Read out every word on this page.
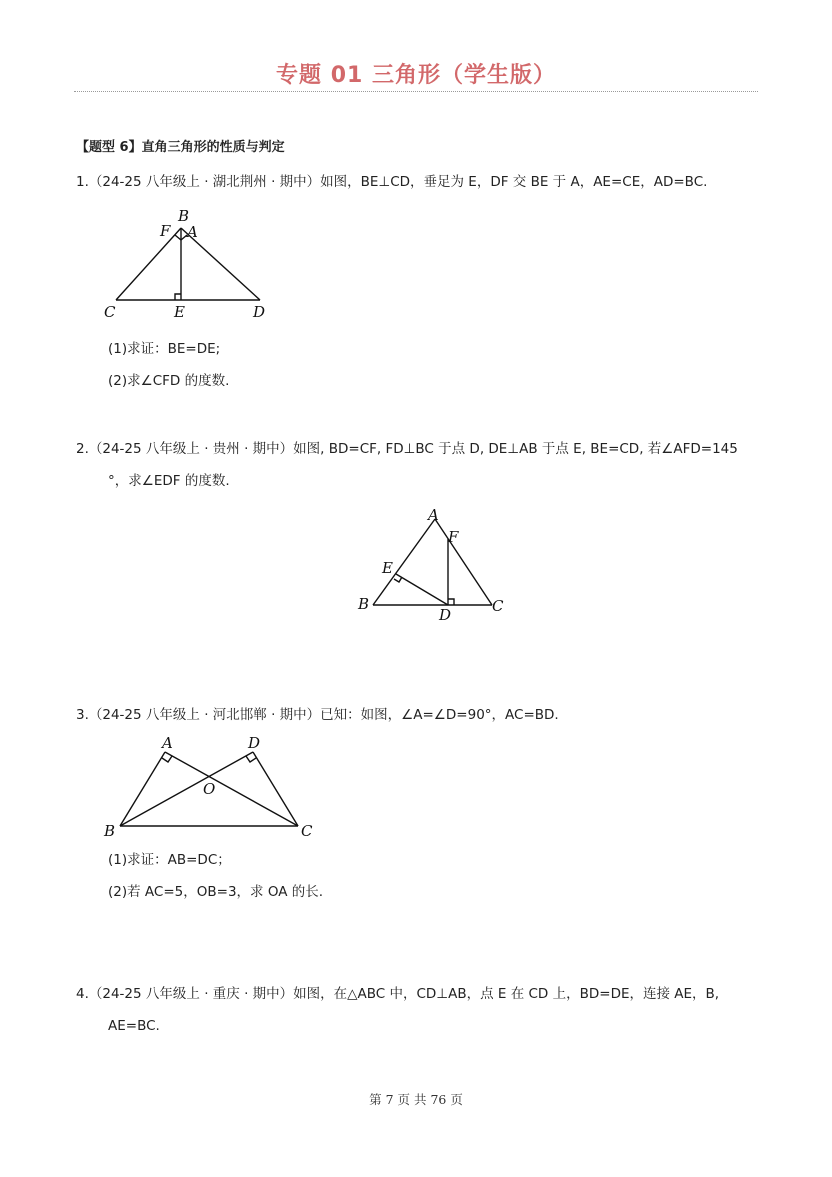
专题 01 三角形（学生版）
【题型 6】直角三角形的性质与判定
1.（24-25 八年级上 · 湖北荆州 · 期中）如图，BE⊥CD，垂足为 E，DF 交 BE 于 A，AE=CE，AD=BC.
B
F A
C	E	D
(1)求证：BE=DE;
(2)求∠CFD 的度数.
2.（24-25 八年级上 · 贵州 · 期中）如图, BD=CF, FD⊥BC 于点 D, DE⊥AB 于点 E, BE=CD, 若∠AFD=145
°，求∠EDF 的度数.
A
F
E
B
D	C
3.（24-25 八年级上 · 河北邯郸 · 期中）已知：如图，∠A=∠D=90°，AC=BD.
A	D
O
B	C
(1)求证：AB=DC；
(2)若 AC=5，OB=3，求 OA 的长.
4.（24-25 八年级上 · 重庆 · 期中）如图，在△ABC 中，CD⊥AB，点 E 在 CD 上，BD=DE，连接 AE，B,
AE=BC.
第 7 页 共 76 页
